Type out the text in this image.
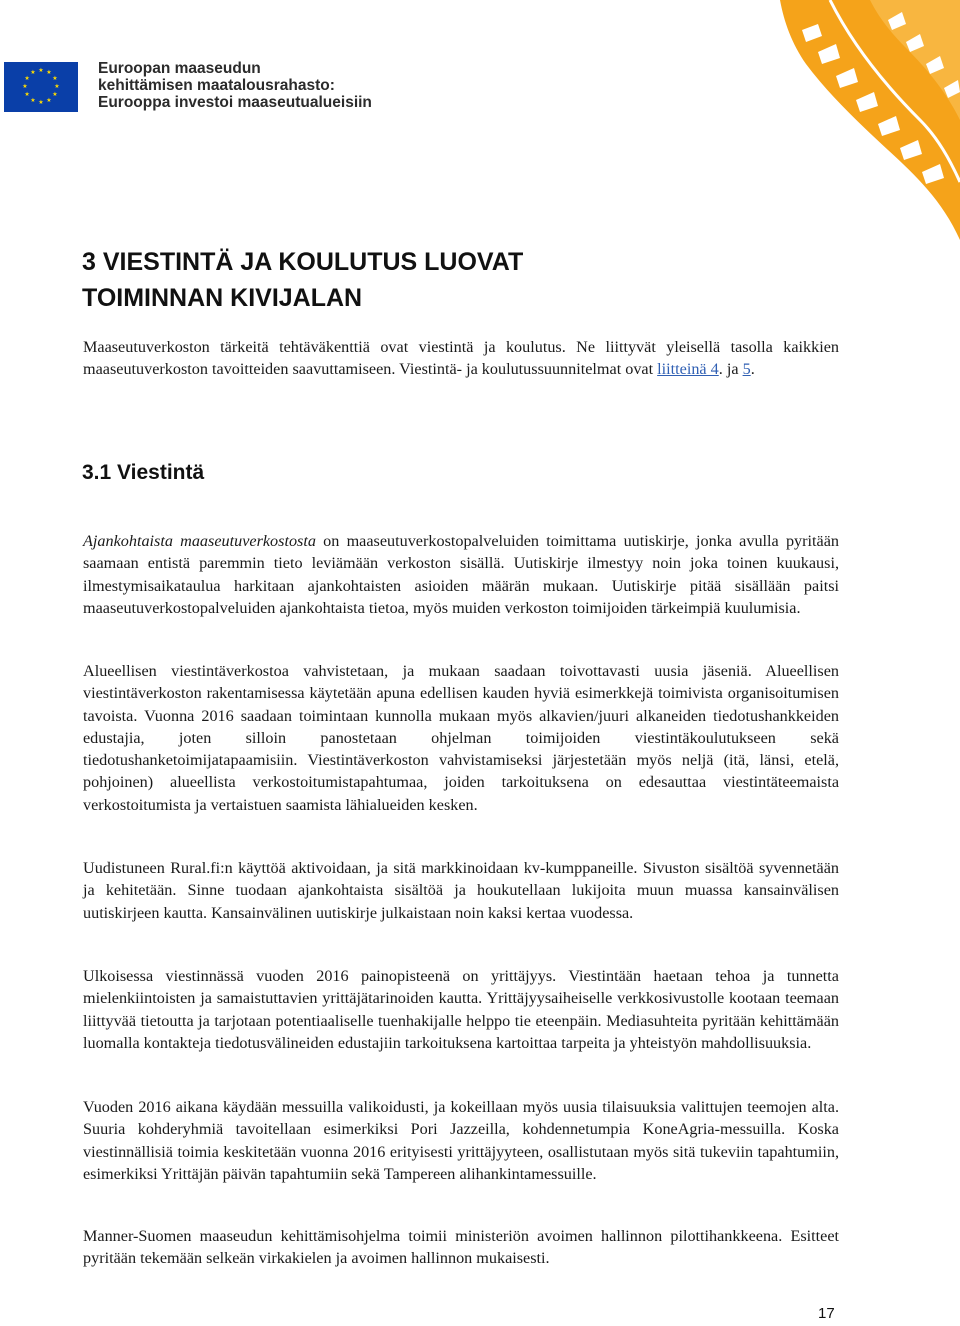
★ ★
★
★
★
★
★
★
★
★
★
★	Euroopan maaseudun
kehittämisen maatalousrahasto:
Eurooppa investoi maaseutualueisiin
3 VIESTINTÄ JA KOULUTUS LUOVAT
TOIMINNAN KIVIJALAN

Maaseutuverkoston tärkeitä tehtäväkenttiä ovat viestintä ja koulutus. Ne liittyvät yleisellä tasolla kaikkien maaseutuverkoston tavoitteiden saavuttamiseen. Viestintä- ja koulutussuunnitelmat ovat liitteinä 4. ja 5.

3.1 Viestintä

Ajankohtaista maaseutuverkostosta on maaseutuverkostopalveluiden toimittama uutiskirje, jonka avulla pyritään saamaan entistä paremmin tieto leviämään verkoston sisällä. Uutiskirje ilmestyy noin joka toinen kuukausi, ilmestymisaikataulua harkitaan ajankohtaisten asioiden määrän mukaan. Uutiskirje pitää sisällään paitsi maaseutuverkostopalveluiden ajankohtaista tietoa, myös muiden verkoston toimijoiden tärkeimpiä kuulumisia.

Alueellisen viestintäverkostoa vahvistetaan, ja mukaan saadaan toivottavasti uusia jäseniä. Alueellisen viestintäverkoston rakentamisessa käytetään apuna edellisen kauden hyviä esimerkkejä toimivista organisoitumisen tavoista. Vuonna 2016 saadaan toimintaan kunnolla mukaan myös alkavien/juuri alkaneiden tiedotushankkeiden edustajia, joten silloin panostetaan ohjelman toimijoiden viestintäkoulutukseen sekä tiedotushanketoimijatapaamisiin. Viestintäverkoston vahvistamiseksi järjestetään myös neljä (itä, länsi, etelä, pohjoinen) alueellista verkostoitumistapahtumaa, joiden tarkoituksena on edesauttaa viestintäteemaista verkostoitumista ja vertaistuen saamista lähialueiden kesken.

Uudistuneen Rural.fi:n käyttöä aktivoidaan, ja sitä markkinoidaan kv-kumppaneille. Sivuston sisältöä syvennetään ja kehitetään. Sinne tuodaan ajankohtaista sisältöä ja houkutellaan lukijoita muun muassa kansainvälisen uutiskirjeen kautta. Kansainvälinen uutiskirje julkaistaan noin kaksi kertaa vuodessa.

Ulkoisessa viestinnässä vuoden 2016 painopisteenä on yrittäjyys. Viestintään haetaan tehoa ja tunnetta mielenkiintoisten ja samaistuttavien yrittäjätarinoiden kautta. Yrittäjyysaiheiselle verkkosivustolle kootaan teemaan liittyvää tietoutta ja tarjotaan potentiaaliselle tuenhakijalle helppo tie eteenpäin. Mediasuhteita pyritään kehittämään luomalla kontakteja tiedotusvälineiden edustajiin tarkoituksena kartoittaa tarpeita ja yhteistyön mahdollisuuksia.

Vuoden 2016 aikana käydään messuilla valikoidusti, ja kokeillaan myös uusia tilaisuuksia valittujen teemojen alta. Suuria kohderyhmiä tavoitellaan esimerkiksi Pori Jazzeilla, kohdennetumpia KoneAgria-messuilla. Koska viestinnällisiä toimia keskitetään vuonna 2016 erityisesti yrittäjyyteen, osallistutaan myös sitä tukeviin tapahtumiin, esimerkiksi Yrittäjän päivän tapahtumiin sekä Tampereen alihankintamessuille.

Manner-Suomen maaseudun kehittämisohjelma toimii ministeriön avoimen hallinnon pilottihankkeena. Esitteet pyritään tekemään selkeän virkakielen ja avoimen hallinnon mukaisesti.

17
